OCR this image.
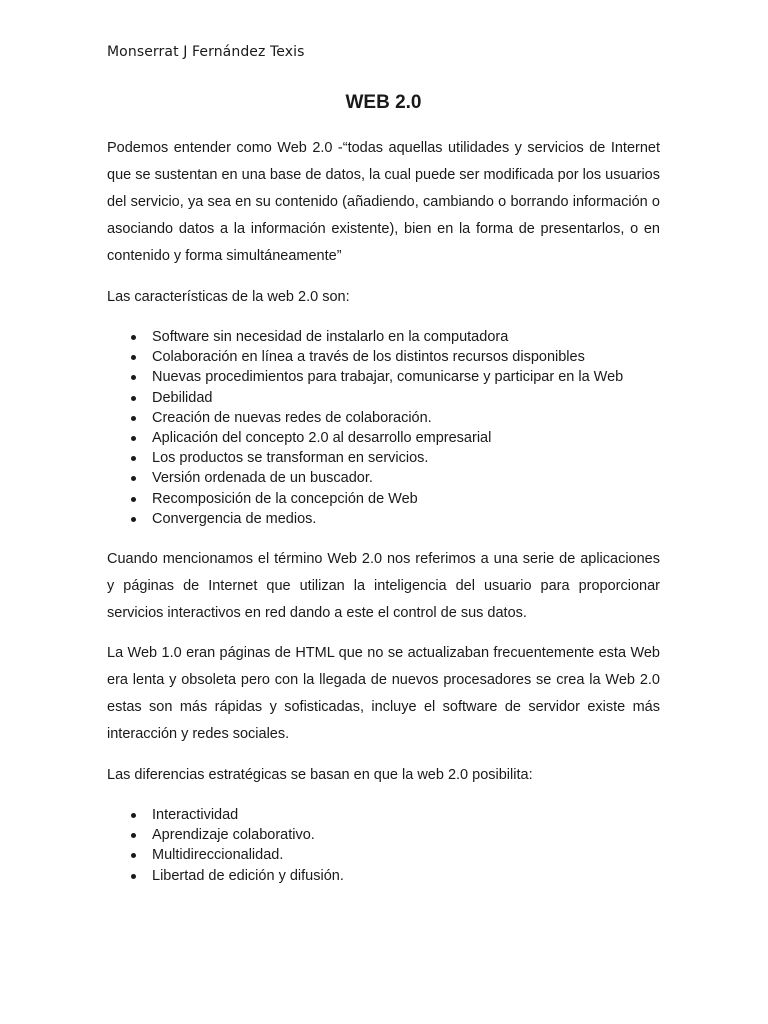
Monserrat J Fernández Texis
WEB 2.0

Podemos entender como Web 2.0 -“todas aquellas utilidades y servicios de Internet que se sustentan en una base de datos, la cual puede ser modificada por los usuarios del servicio, ya sea en su contenido (añadiendo, cambiando o borrando información o asociando datos a la información existente), bien en la forma de presentarlos, o en contenido y forma simultáneamente”

Las características de la web 2.0 son:

Software sin necesidad de instalarlo en la computadora
Colaboración en línea a través de los distintos recursos disponibles
Nuevas procedimientos para trabajar, comunicarse y participar en la Web
Debilidad
Creación de nuevas redes de colaboración.
Aplicación del concepto 2.0 al desarrollo empresarial
Los productos se transforman en servicios.
Versión ordenada de un buscador.
Recomposición de la concepción de Web
Convergencia de medios.

Cuando mencionamos el término Web 2.0 nos referimos a una serie de aplicaciones y páginas de Internet que utilizan la inteligencia del usuario para proporcionar servicios interactivos en red dando a este el control de sus datos.

La Web 1.0 eran páginas de HTML que no se actualizaban frecuentemente esta Web era lenta y obsoleta pero con la llegada de nuevos procesadores se crea la Web 2.0 estas son más rápidas y sofisticadas, incluye el software de servidor existe más interacción y redes sociales.

Las diferencias estratégicas se basan en que la web 2.0 posibilita:

Interactividad
Aprendizaje colaborativo.
Multidireccionalidad.
Libertad de edición y difusión.
